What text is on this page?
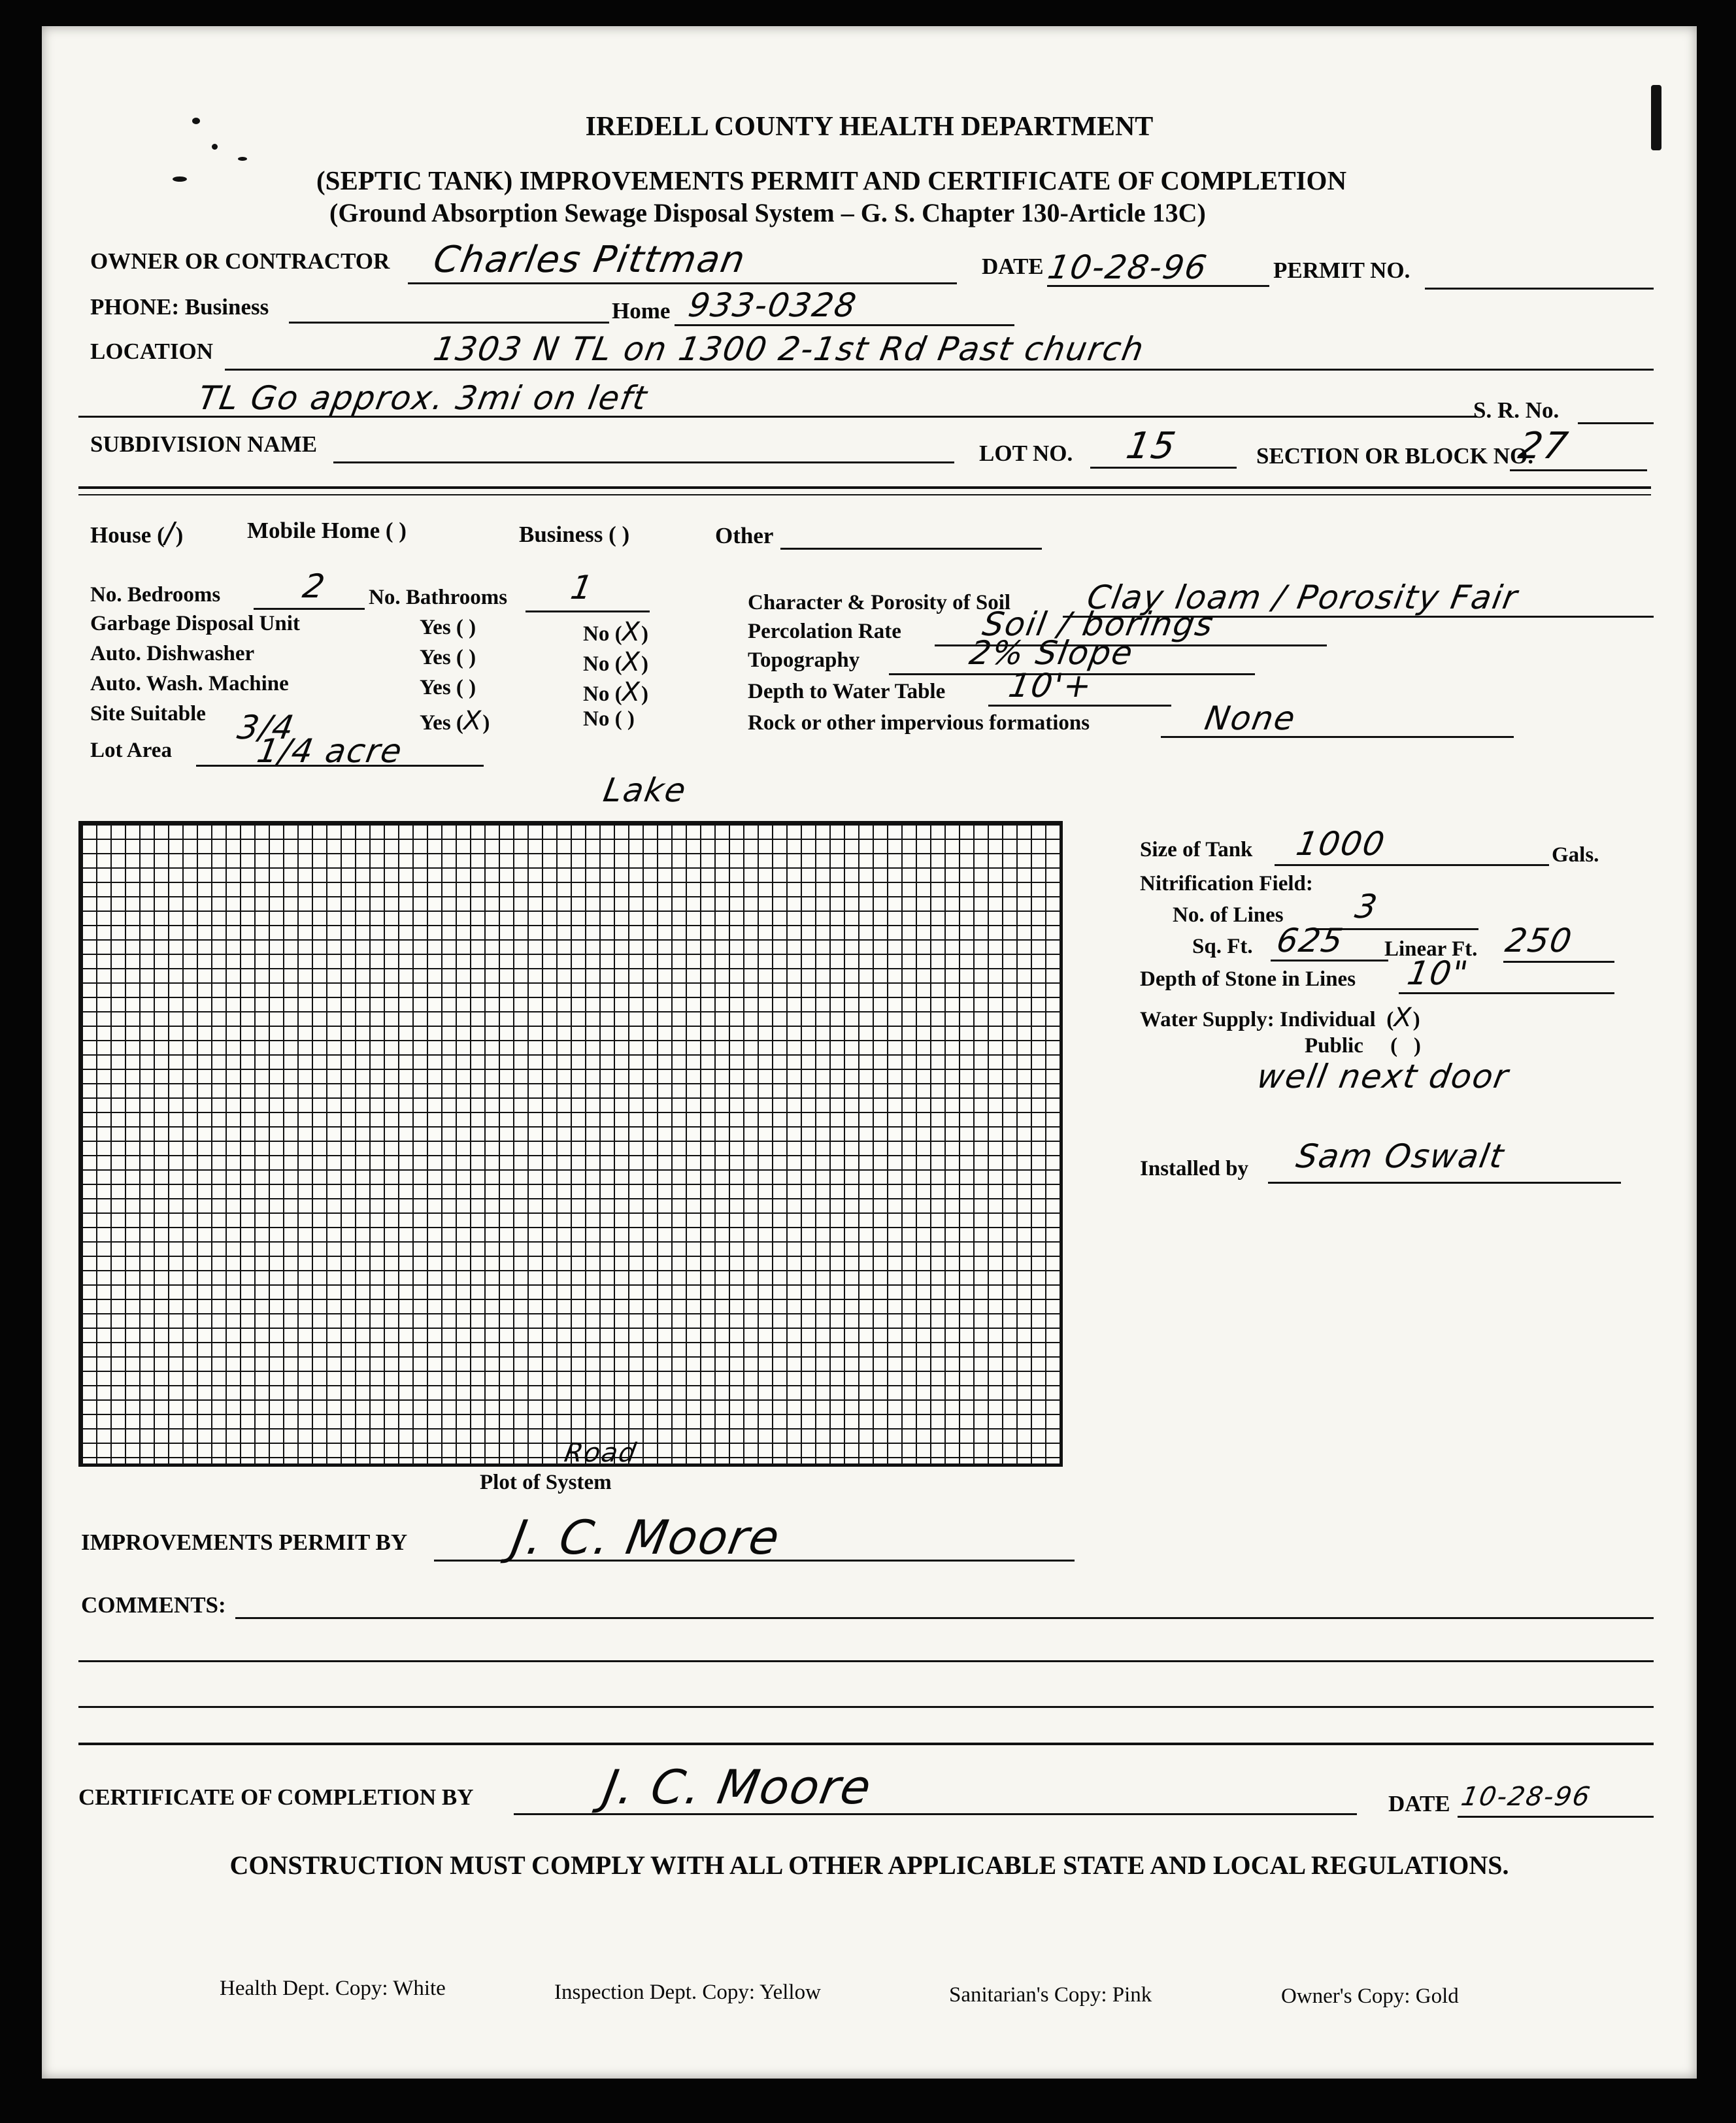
IREDELL COUNTY HEALTH DEPARTMENT
(SEPTIC TANK) IMPROVEMENTS PERMIT AND CERTIFICATE OF COMPLETION
(Ground Absorption Sewage Disposal System – G. S. Chapter 130-Article 13C)
OWNER OR CONTRACTOR Charles Pittman	DATE 10-28-96	PERMIT NO.
PHONE: Business	Home 933-0328
LOCATION	1303 N TL on 1300 2-1st Rd Past church
TL Go approx. 3mi on left	S. R. No.
SUBDIVISION NAME	LOT NO. 15	SECTION OR BLOCK NO.
27
House (/)	Mobile Home ( )	Business ( )	Other
No. Bedrooms 2 No. Bathrooms 1
Garbage Disposal Unit	Yes ( )	No (X)
Auto. Dishwasher	Yes ( )	No (X)
Auto. Wash. Machine	Yes ( )	No (X)
Site Suitable 3/4	Yes (X)	No ( )
Lot Area	1/4 acre
Character & Porosity of Soil Clay loam / Porosity Fair
Percolation Rate Soil / borings
Topography	2% Slope
Depth to Water Table 10'+
Rock or other impervious formations	None
Lake
Road
Plot of System
Size of Tank 1000	Gals.
Nitrification Field:
No. of Lines 3
Sq. Ft. 625 Linear Ft. 250
Depth of Stone in Lines 10"
Water Supply: Individual  (X)
Public     (   )
well next door
Installed by Sam Oswalt
IMPROVEMENTS PERMIT BY J. C. Moore
COMMENTS:
CERTIFICATE OF COMPLETION BY	J. C. Moore	DATE 10-28-96
CONSTRUCTION MUST COMPLY WITH ALL OTHER APPLICABLE STATE AND LOCAL REGULATIONS.
Health Dept. Copy: White	Inspection Dept. Copy: Yellow	Sanitarian's Copy: Pink	Owner's Copy: Gold
